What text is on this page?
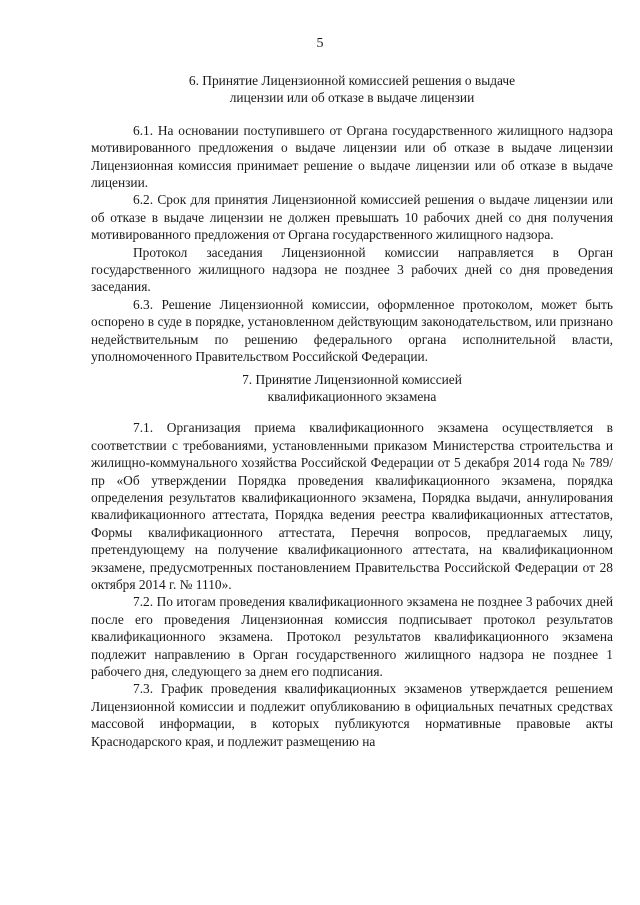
5
6. Принятие Лицензионной комиссией решения о выдаче
лицензии или об отказе в выдаче лицензии

6.1. На основании поступившего от Органа государственного жилищного надзора мотивированного предложения о выдаче лицензии или об отказе в выдаче лицензии Лицензионная комиссия принимает решение о выдаче лицензии или об отказе в выдаче лицензии.

6.2. Срок для принятия Лицензионной комиссией решения о выдаче лицензии или об отказе в выдаче лицензии не должен превышать 10 рабочих дней со дня получения мотивированного предложения от Органа государственного жилищного надзора.

Протокол заседания Лицензионной комиссии направляется в Орган государственного жилищного надзора не позднее 3 рабочих дней со дня проведения заседания.

6.3. Решение Лицензионной комиссии, оформленное протоколом, может быть оспорено в суде в порядке, установленном действующим законодательством, или признано недействительным по решению федерального органа исполнительной власти, уполномоченного Правительством Российской Федерации.

7. Принятие Лицензионной комиссией
квалификационного экзамена

7.1. Организация приема квалификационного экзамена осуществляется в соответствии с требованиями, установленными приказом Министерства строительства и жилищно-коммунального хозяйства Российской Федерации от 5 декабря 2014 года № 789/пр «Об утверждении Порядка проведения квалификационного экзамена, порядка определения результатов квалификационного экзамена, Порядка выдачи, аннулирования квалификационного аттестата, Порядка ведения реестра квалификационных аттестатов, Формы квалификационного аттестата, Перечня вопросов, предлагаемых лицу, претендующему на получение квалификационного аттестата, на квалификационном экзамене, предусмотренных постановлением Правительства Российской Федерации от 28 октября 2014 г. № 1110».

7.2. По итогам проведения квалификационного экзамена не позднее 3 рабочих дней после его проведения Лицензионная комиссия подписывает протокол результатов квалификационного экзамена. Протокол результатов квалификационного экзамена подлежит направлению в Орган государственного жилищного надзора не позднее 1 рабочего дня, следующего за днем его подписания.

7.3. График проведения квалификационных экзаменов утверждается решением Лицензионной комиссии и подлежит опубликованию в официальных печатных средствах массовой информации, в которых публикуются нормативные правовые акты Краснодарского края, и подлежит размещению на
